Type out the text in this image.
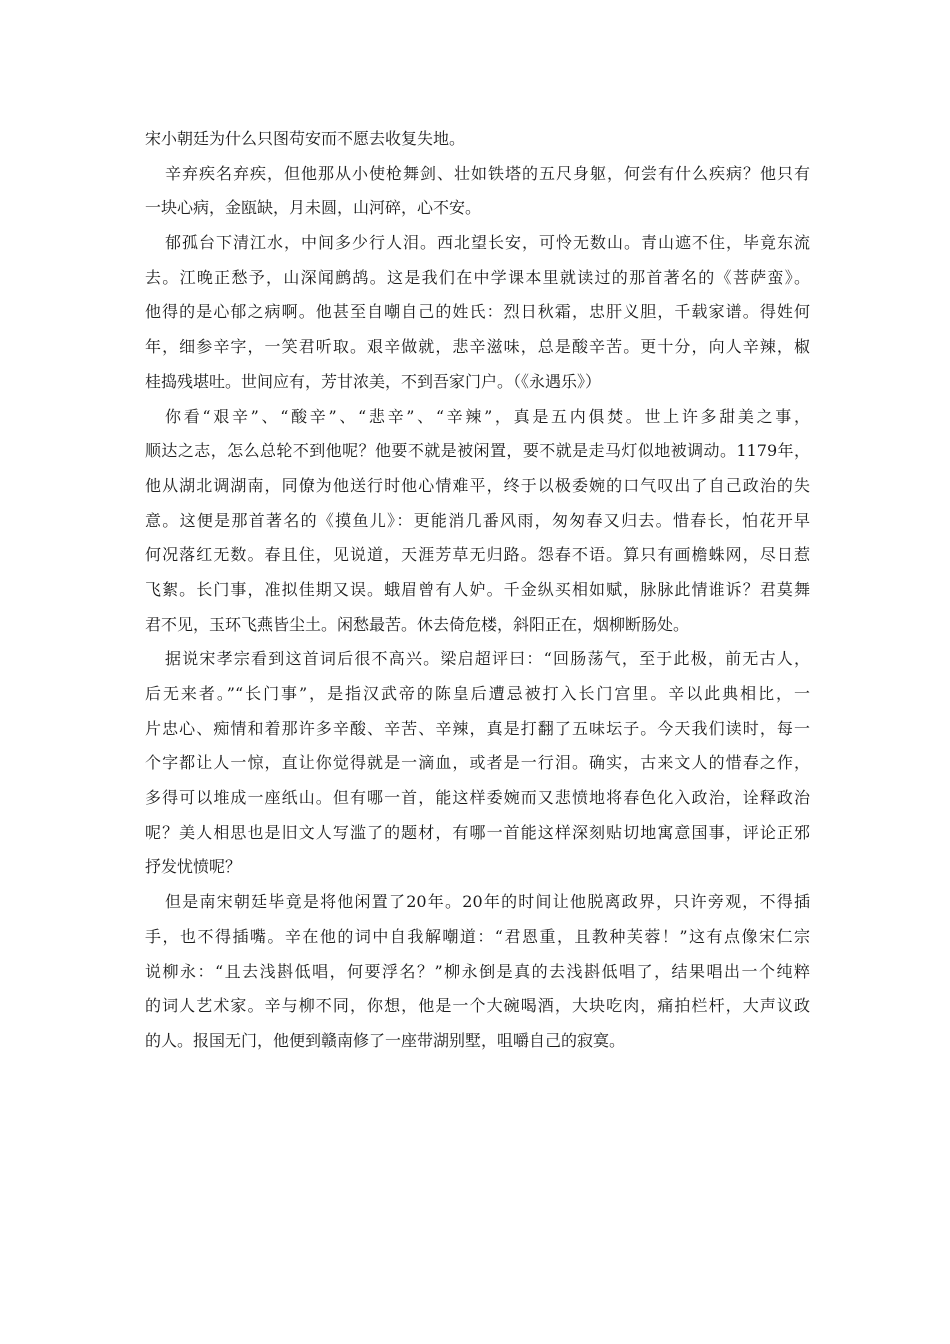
宋小朝廷为什么只图苟安而不愿去收复失地。
辛弃疾名弃疾，但他那从小使枪舞剑、壮如铁塔的五尺身躯，何尝有什么疾病？他只有
一块心病，金瓯缺，月未圆，山河碎，心不安。
郁孤台下清江水，中间多少行人泪。西北望长安，可怜无数山。青山遮不住，毕竟东流
去。江晚正愁予，山深闻鹧鸪。这是我们在中学课本里就读过的那首著名的《菩萨蛮》。
他得的是心郁之病啊。他甚至自嘲自己的姓氏：烈日秋霜，忠肝义胆，千载家谱。得姓何
年，细参辛字，一笑君听取。艰辛做就，悲辛滋味，总是酸辛苦。更十分，向人辛辣，椒
桂捣残堪吐。世间应有，芳甘浓美，不到吾家门户。（《永遇乐》）
你看“艰辛”、“酸辛”、“悲辛”、“辛辣”，真是五内俱焚。世上许多甜美之事，
顺达之志，怎么总轮不到他呢？他要不就是被闲置，要不就是走马灯似地被调动。1179年，
他从湖北调湖南，同僚为他送行时他心情难平，终于以极委婉的口气叹出了自己政治的失
意。这便是那首著名的《摸鱼儿》：更能消几番风雨，匆匆春又归去。惜春长，怕花开早
何况落红无数。春且住，见说道，天涯芳草无归路。怨春不语。算只有画檐蛛网，尽日惹
飞絮。长门事，准拟佳期又误。蛾眉曾有人妒。千金纵买相如赋，脉脉此情谁诉？君莫舞
君不见，玉环飞燕皆尘土。闲愁最苦。休去倚危楼，斜阳正在，烟柳断肠处。
据说宋孝宗看到这首词后很不高兴。梁启超评曰：“回肠荡气，至于此极，前无古人，
后无来者。”“长门事”，是指汉武帝的陈皇后遭忌被打入长门宫里。辛以此典相比，一
片忠心、痴情和着那许多辛酸、辛苦、辛辣，真是打翻了五味坛子。今天我们读时，每一
个字都让人一惊，直让你觉得就是一滴血，或者是一行泪。确实，古来文人的惜春之作，
多得可以堆成一座纸山。但有哪一首，能这样委婉而又悲愤地将春色化入政治，诠释政治
呢？美人相思也是旧文人写滥了的题材，有哪一首能这样深刻贴切地寓意国事，评论正邪
抒发忧愤呢？
但是南宋朝廷毕竟是将他闲置了20年。20年的时间让他脱离政界，只许旁观，不得插
手，也不得插嘴。辛在他的词中自我解嘲道：“君恩重，且教种芙蓉！”这有点像宋仁宗
说柳永：“且去浅斟低唱，何要浮名？”柳永倒是真的去浅斟低唱了，结果唱出一个纯粹
的词人艺术家。辛与柳不同，你想，他是一个大碗喝酒，大块吃肉，痛拍栏杆，大声议政
的人。报国无门，他便到赣南修了一座带湖别墅，咀嚼自己的寂寞。
